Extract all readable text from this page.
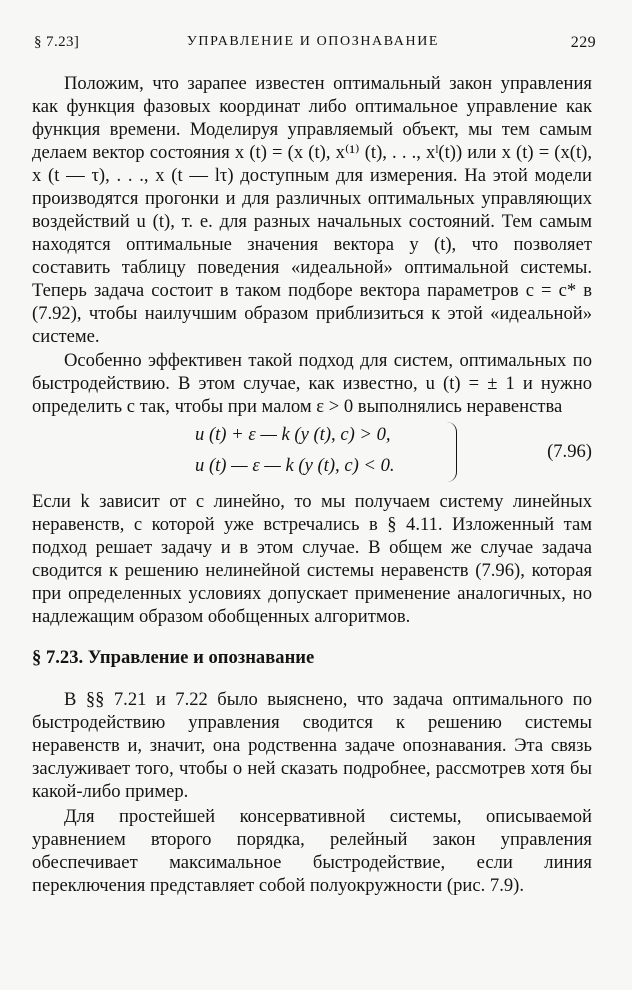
§ 7.23]	УПРАВЛЕНИЕ И ОПОЗНАВАНИЕ	229

Положим, что зарапее известен оптимальный закон управления как функция фазовых координат либо оптимальное управление как функция времени. Моделируя управляемый объект, мы тем самым делаем вектор состояния x (t) = (x (t), x⁽¹⁾ (t), . . ., xˡ(t)) или x (t) = (x(t), x (t — τ), . . ., x (t — lτ) доступным для измерения. На этой модели производятся прогонки и для различных оптимальных управляющих воздействий u (t), т. е. для разных начальных состояний. Тем самым находятся оптимальные значения вектора y (t), что позволяет составить таблицу поведения «идеальной» оптимальной системы. Теперь задача состоит в таком подборе вектора параметров c = c* в (7.92), чтобы наилучшим образом приблизиться к этой «идеальной» системе.

Особенно эффективен такой подход для систем, оптимальных по быстродействию. В этом случае, как известно, u (t) = ± 1 и нужно определить c так, чтобы при малом ε > 0 выполнялись неравенства

u (t) + ε — k (y (t), c) > 0,
u (t) — ε — k (y (t), c) < 0.
(7.96)

Если k зависит от c линейно, то мы получаем систему линейных неравенств, с которой уже встречались в § 4.11. Изложенный там подход решает задачу и в этом случае. В общем же случае задача сводится к решению нелинейной системы неравенств (7.96), которая при определенных условиях допускает применение аналогичных, но надлежащим образом обобщенных алгоритмов.

§ 7.23. Управление и опознавание

В §§ 7.21 и 7.22 было выяснено, что задача оптимального по быстродействию управления сводится к решению системы неравенств и, значит, она родственна задаче опознавания. Эта связь заслуживает того, чтобы о ней сказать подробнее, рассмотрев хотя бы какой-либо пример.

Для простейшей консервативной системы, описываемой уравнением второго порядка, релейный закон управления обеспечивает максимальное быстродействие, если линия переключения представляет собой полуокружности (рис. 7.9).
